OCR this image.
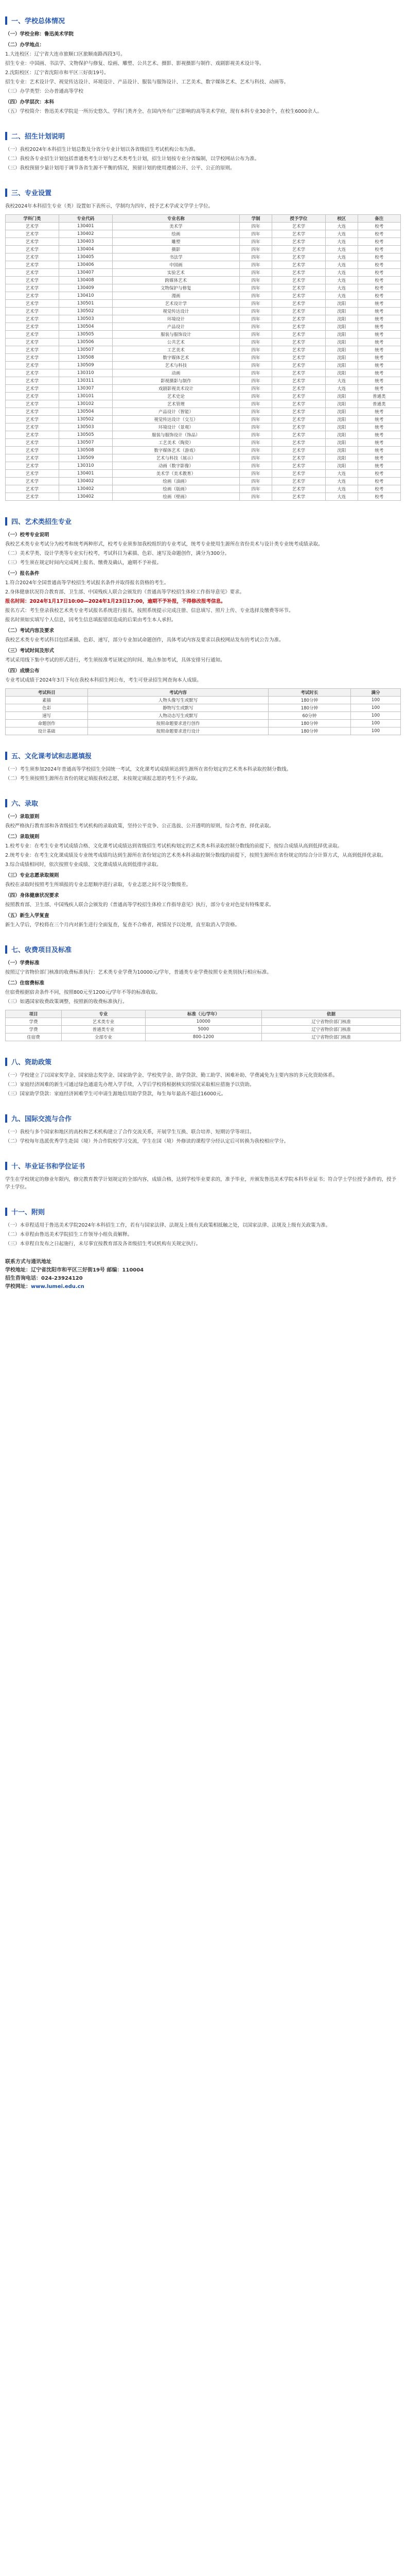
一、学校总体情况

（一）学校全称：鲁迅美术学院

（二）办学地点：

1.大连校区：辽宁省大连市旅顺口区旅顺南路西段3号。

招生专业：中国画、书法学、文物保护与修复、绘画、雕塑、公共艺术、摄影、影视摄影与制作、戏剧影视美术设计等。

2.沈阳校区：辽宁省沈阳市和平区三好街19号。

招生专业：艺术设计学、视觉传达设计、环境设计、产品设计、服装与服饰设计、工艺美术、数字媒体艺术、艺术与科技、动画等。

（三）办学类型：公办普通高等学校

（四）办学层次：本科

（五）学校简介：鲁迅美术学院是一所历史悠久、学科门类齐全、在国内外有广泛影响的高等美术学府，现有本科专业30余个，在校生6000余人。

二、招生计划说明

（一）我校2024年本科招生计划总数及分省分专业计划以各省级招生考试机构公布为准。

（二）我校各专业招生计划包括普通类考生计划与艺术类考生计划，招生计划按专业分省编制，以学校网站公布为准。

（三）我校预留少量计划用于调节各省生源不平衡的情况，预留计划的使用遵循公开、公平、公正的原则。

三、专业设置

我校2024年本科招生专业（类）设置如下表所示，学制均为四年，授予艺术学或文学学士学位。

学科门类	专业代码	专业名称	学制	授予学位	校区	备注
艺术学	130401	美术学	四年	艺术学	大连	校考
艺术学	130402	绘画	四年	艺术学	大连	校考
艺术学	130403	雕塑	四年	艺术学	大连	校考
艺术学	130404	摄影	四年	艺术学	大连	校考
艺术学	130405	书法学	四年	艺术学	大连	校考
艺术学	130406	中国画	四年	艺术学	大连	校考
艺术学	130407	实验艺术	四年	艺术学	大连	校考
艺术学	130408	跨媒体艺术	四年	艺术学	大连	校考
艺术学	130409	文物保护与修复	四年	艺术学	大连	校考
艺术学	130410	漫画	四年	艺术学	大连	校考
艺术学	130501	艺术设计学	四年	艺术学	沈阳	统考
艺术学	130502	视觉传达设计	四年	艺术学	沈阳	统考
艺术学	130503	环境设计	四年	艺术学	沈阳	统考
艺术学	130504	产品设计	四年	艺术学	沈阳	统考
艺术学	130505	服装与服饰设计	四年	艺术学	沈阳	统考
艺术学	130506	公共艺术	四年	艺术学	沈阳	统考
艺术学	130507	工艺美术	四年	艺术学	沈阳	统考
艺术学	130508	数字媒体艺术	四年	艺术学	沈阳	统考
艺术学	130509	艺术与科技	四年	艺术学	沈阳	统考
艺术学	130310	动画	四年	艺术学	沈阳	统考
艺术学	130311	影视摄影与制作	四年	艺术学	大连	统考
艺术学	130307	戏剧影视美术设计	四年	艺术学	大连	统考
艺术学	130101	艺术史论	四年	艺术学	沈阳	普通类
艺术学	130102	艺术管理	四年	艺术学	沈阳	普通类
艺术学	130504	产品设计（智能）	四年	艺术学	沈阳	统考
艺术学	130502	视觉传达设计（交互）	四年	艺术学	沈阳	统考
艺术学	130503	环境设计（景观）	四年	艺术学	沈阳	统考
艺术学	130505	服装与服饰设计（饰品）	四年	艺术学	沈阳	统考
艺术学	130507	工艺美术（陶瓷）	四年	艺术学	沈阳	统考
艺术学	130508	数字媒体艺术（游戏）	四年	艺术学	沈阳	统考
艺术学	130509	艺术与科技（展示）	四年	艺术学	沈阳	统考
艺术学	130310	动画（数字影像）	四年	艺术学	沈阳	统考
艺术学	130401	美术学（美术教育）	四年	艺术学	大连	校考
艺术学	130402	绘画（油画）	四年	艺术学	大连	校考
艺术学	130402	绘画（版画）	四年	艺术学	大连	校考
艺术学	130402	绘画（壁画）	四年	艺术学	大连	校考
四、艺术类招生专业

（一）校考专业说明

我校艺术类专业考试分为校考和统考两种形式，校考专业须参加我校组织的专业考试，统考专业使用生源所在省份美术与设计类专业统考成绩录取。

（二）美术学类、设计学类等专业实行校考，考试科目为素描、色彩、速写及命题创作，满分为300分。

（三）考生须在规定时间内完成网上报名、缴费及确认，逾期不予补报。

（一）报名条件

1.符合2024年全国普通高等学校招生考试报名条件并取得报名资格的考生。

2.身体健康状况符合教育部、卫生部、中国残疾人联合会颁发的《普通高等学校招生体检工作指导意见》要求。

报名时间：2024年1月17日10:00—2024年1月23日17:00，逾期不予补报，不得修改报考信息。

报名方式：考生登录我校艺术类专业考试报名系统进行报名，按照系统提示完成注册、信息填写、照片上传、专业选择及缴费等环节。

报名时须如实填写个人信息，因考生信息填报错误造成的后果由考生本人承担。

（二）考试内容及要求

我校艺术类专业考试科目包括素描、色彩、速写，部分专业加试命题创作，具体考试内容及要求以我校网站发布的考试公告为准。

（三）考试时间及形式

考试采用线下集中考试的形式进行，考生须按准考证规定的时间、地点参加考试，具体安排另行通知。

（四）成绩公布

专业考试成绩于2024年3月下旬在我校本科招生网公布，考生可登录招生网查询本人成绩。

考试科目	考试内容	考试时长	满分
素描	人物头像写生或默写	180分钟	100
色彩	静物写生或默写	180分钟	100
速写	人物动态写生或默写	60分钟	100
命题创作	按照命题要求进行创作	180分钟	100
设计基础	按照命题要求进行设计	180分钟	100
五、文化课考试和志愿填报

（一）考生须参加2024年普通高等学校招生全国统一考试，文化课考试成绩须达到生源所在省份划定的艺术类本科录取控制分数线。

（二）考生须按照生源所在省份的规定填报我校志愿，未按规定填报志愿的考生不予录取。

六、录取

（一）录取原则

我校严格执行教育部和各省级招生考试机构的录取政策，坚持公平竞争、公正选拔、公开透明的原则，综合考查、择优录取。

（二）录取规则

1.校考专业：在考生专业考试成绩合格、文化课考试成绩达到省级招生考试机构划定的艺术类本科录取控制分数线的前提下，按综合成绩从高到低择优录取。

2.统考专业：在考生文化课成绩及专业统考成绩均达到生源所在省份划定的艺术类本科录取控制分数线的前提下，按照生源所在省份规定的综合分计算方式，从高到低择优录取。

3.综合成绩相同时，依次按照专业成绩、文化课成绩从高到低排序录取。

（三）专业志愿录取规则

我校在录取时按照考生所填报的专业志愿顺序进行录取，专业志愿之间不设分数级差。

（四）身体健康状况要求

按照教育部、卫生部、中国残疾人联合会颁发的《普通高等学校招生体检工作指导意见》执行，部分专业对色觉有特殊要求。

（五）新生入学复查

新生入学后，学校将在三个月内对新生进行全面复查，复查不合格者，视情况予以处理，直至取消入学资格。

七、收费项目及标准

（一）学费标准

按照辽宁省物价部门核准的收费标准执行：艺术类专业学费为10000元/学年，普通类专业学费按照专业类别执行相应标准。

（二）住宿费标准

住宿费根据宿舍条件不同，按照800元至1200元/学年不等的标准收取。

（三）如遇国家收费政策调整，按照新的收费标准执行。

项目	专业	标准（元/学年）	依据
学费	艺术类专业	10000	辽宁省物价部门核准
学费	普通类专业	5000	辽宁省物价部门核准
住宿费	全部专业	800-1200	辽宁省物价部门核准
八、资助政策

（一）学校建立了以国家奖学金、国家励志奖学金、国家助学金、学校奖学金、助学贷款、勤工助学、困难补助、学费减免为主要内容的多元化资助体系。

（二）家庭经济困难的新生可通过绿色通道先办理入学手续，入学后学校将根据核实的情况采取相应措施予以资助。

（三）国家助学贷款：家庭经济困难学生可申请生源地信用助学贷款，每生每年最高不超过16000元。

九、国际交流与合作

（一）我校与多个国家和地区的高校和艺术机构建立了合作交流关系，开展学生互换、联合培养、短期访学等项目。

（二）学校每年选派优秀学生赴国（境）外合作院校学习交流，学生在国（境）外修读的课程学分经认定后可转换为我校相应学分。

十、毕业证书和学位证书

学生在学校规定的修业年限内，修完教育教学计划规定的全部内容，成绩合格，达到学校毕业要求的，准予毕业，并颁发鲁迅美术学院本科毕业证书；符合学士学位授予条件的，授予学士学位。

十一、附则

（一）本章程适用于鲁迅美术学院2024年本科招生工作，若有与国家法律、法规及上级有关政策相抵触之处，以国家法律、法规及上级有关政策为准。

（二）本章程由鲁迅美术学院招生工作领导小组负责解释。

（三）本章程自发布之日起施行，未尽事宜按教育部及各省级招生考试机构有关规定执行。

联系方式与通讯地址
学校地址：辽宁省沈阳市和平区三好街19号 邮编：110004
招生咨询电话：024-23924120
学校网址：www.lumei.edu.cn
